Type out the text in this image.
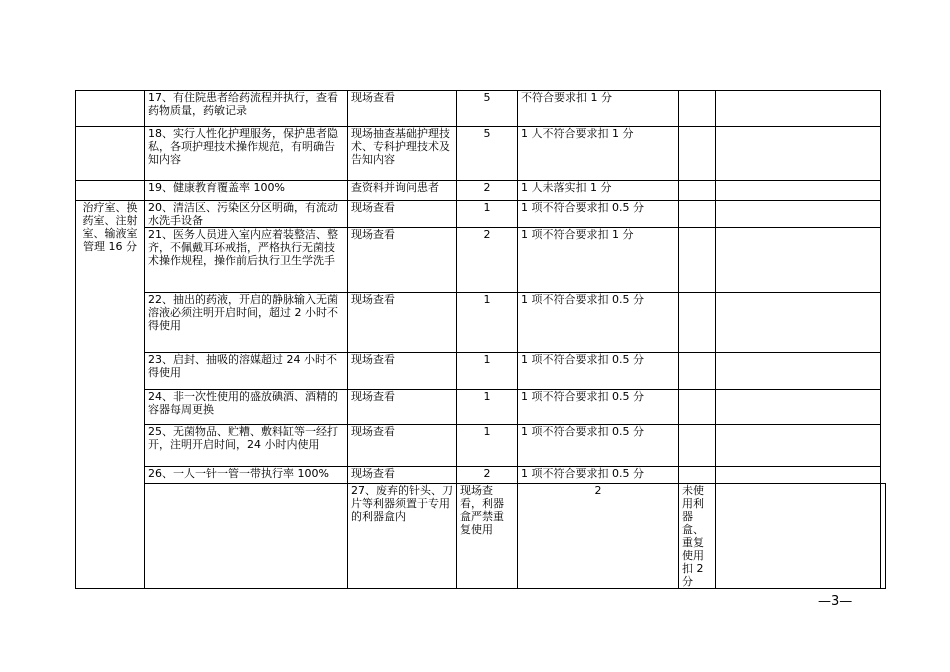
	17、有住院患者给药流程并执行，查看药物质量，药敏记录	现场查看	5	不符合要求扣 1 分			
	18、实行人性化护理服务，保护患者隐私，各项护理技术操作规范，有明确告知内容	现场抽查基础护理技术、专科护理技术及告知内容	5	1 人不符合要求扣 1 分			
	19、健康教育覆盖率 100%	查资料并询问患者	2	1 人未落实扣 1 分			
治疗室、换药室、注射室、输液室管理 16 分	20、清洁区、污染区分区明确，有流动水洗手设备	现场查看	1	1 项不符合要求扣 0.5 分			
	21、医务人员进入室内应着装整洁、整齐，不佩戴耳环戒指，严格执行无菌技术操作规程，操作前后执行卫生学洗手	现场查看	2	1 项不符合要求扣 1 分			
	22、抽出的药液，开启的静脉输入无菌溶液必须注明开启时间，超过 2 小时不得使用	现场查看	1	1 项不符合要求扣 0.5 分			
	23、启封、抽吸的溶媒超过 24 小时不得使用	现场查看	1	1 项不符合要求扣 0.5 分			
	24、非一次性使用的盛放碘酒、酒精的容器每周更换	现场查看	1	1 项不符合要求扣 0.5 分			
	25、无菌物品、贮糟、敷料缸等一经打开，注明开启时间，24 小时内使用	现场查看	1	1 项不符合要求扣 0.5 分			
	26、一人一针一管一带执行率 100%	现场查看	2	1 项不符合要求扣 0.5 分			
		27、废弃的针头、刀片等利器须置于专用的利器盒内	现场查看，利器盒严禁重复使用	2	未使用利器盒、重复使用扣 2 分		
—3—
